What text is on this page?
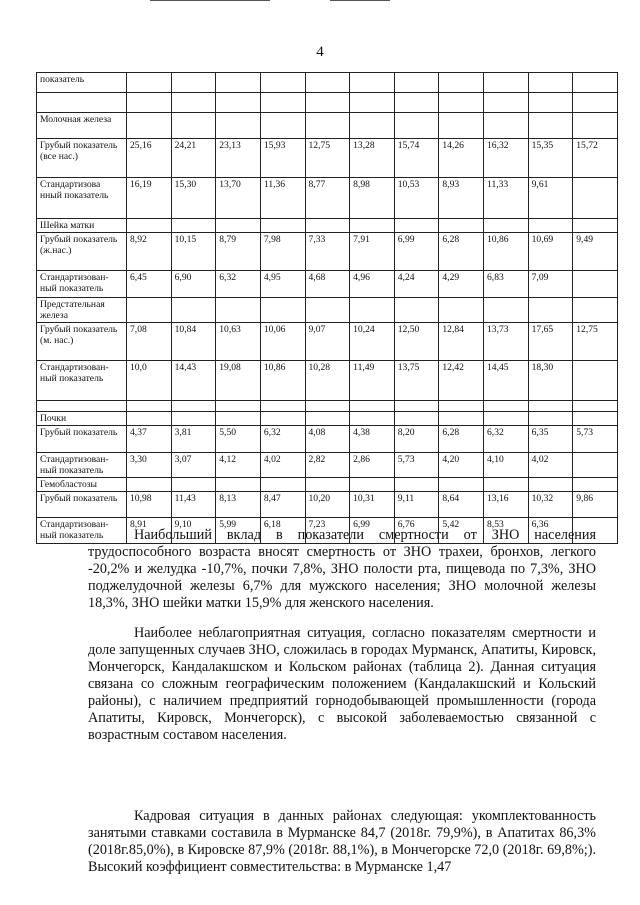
4
показатель											

Молочная железа											
Грубый показатель (все нас.)	25,16	24,21	23,13	15,93	12,75	13,28	15,74	14,26	16,32	15,35	15,72
Стандартизова нный показатель	16,19	15,30	13,70	11,36	8,77	8,98	10,53	8,93	11,33	9,61	
Шейка матки											
Грубый показатель (ж.нас.)	8,92	10,15	8,79	7,98	7,33	7,91	6,99	6,28	10,86	10,69	9,49
Стандартизован-ный показатель	6,45	6,90	6,32	4,95	4,68	4,96	4,24	4,29	6,83	7,09	
Предстательная железа											
Грубый показатель (м. нас.)	7,08	10,84	10,63	10,06	9,07	10,24	12,50	12,84	13,73	17,65	12,75
Стандартизован-ный показатель	10,0	14,43	19,08	10,86	10,28	11,49	13,75	12,42	14,45	18,30	

Почки											
Грубый показатель	4,37	3,81	5,50	6,32	4,08	4,38	8,20	6,28	6,32	6,35	5,73
Стандартизован-ный показатель	3,30	3,07	4,12	4,02	2,82	2,86	5,73	4,20	4,10	4,02	
Гемобластозы											
Грубый показатель	10,98	11,43	8,13	8,47	10,20	10,31	9,11	8,64	13,16	10,32	9,86
Стандартизован-ный показатель	8,91	9,10	5,99	6,18	7,23	6,99	6,76	5,42	8,53	6,36	

Наибольший вклад в показатели смертности от ЗНО населения трудоспособного возраста вносят смертность от ЗНО трахеи, бронхов, легкого -20,2% и желудка -10,7%, почки 7,8%, ЗНО полости рта, пищевода по 7,3%, ЗНО поджелудочной железы 6,7% для мужского населения; ЗНО молочной железы 18,3%, ЗНО шейки матки 15,9% для женского населения.

Наиболее неблагоприятная ситуация, согласно показателям смертности и доле запущенных случаев ЗНО, сложилась в городах Мурманск, Апатиты, Кировск, Мончегорск, Кандалакшском и Кольском районах (таблица 2). Данная ситуация связана со сложным географическим положением (Кандалакшский и Кольский районы), с наличием предприятий горнодобывающей промышленности (города Апатиты, Кировск, Мончегорск), с высокой заболеваемостью связанной с возрастным составом населения.

Кадровая ситуация в данных районах следующая: укомплектованность занятыми ставками составила в Мурманске 84,7 (2018г. 79,9%), в Апатитах 86,3% (2018г.85,0%), в Кировске 87,9% (2018г. 88,1%), в Мончегорске 72,0 (2018г. 69,8%;). Высокий коэффициент совместительства: в Мурманске 1,47
